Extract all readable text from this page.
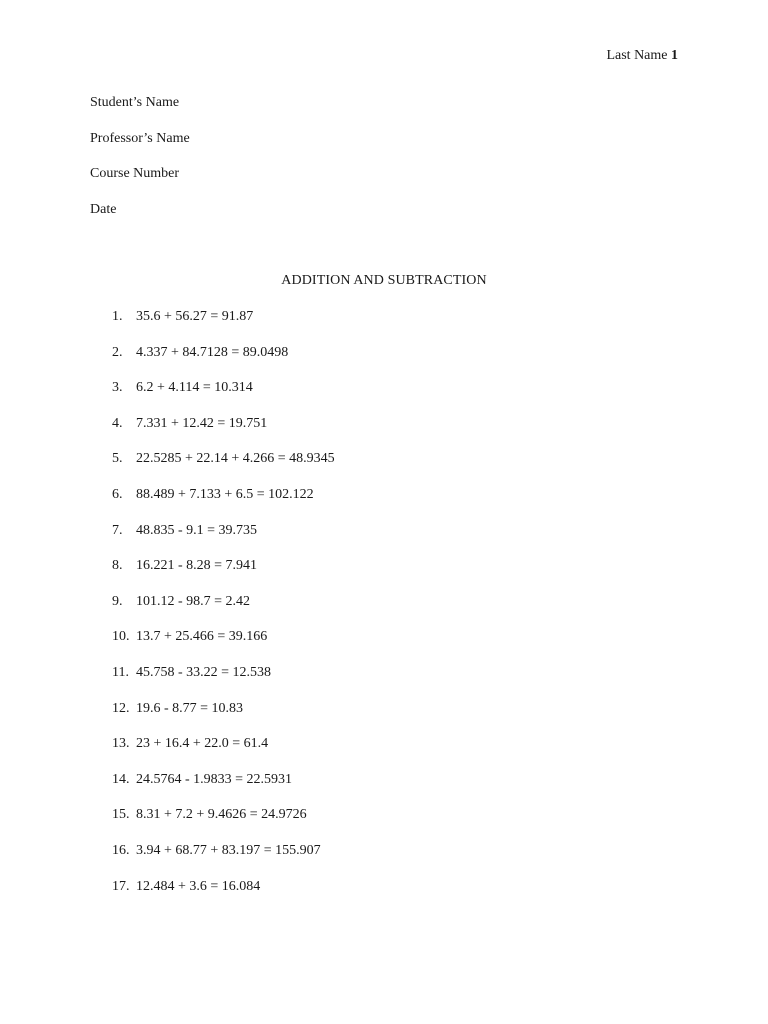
Last Name 1
Student’s Name
Professor’s Name
Course Number
Date
ADDITION AND SUBTRACTION
1. 35.6 + 56.27 = 91.87
2. 4.337 + 84.7128 = 89.0498
3. 6.2 + 4.114 = 10.314
4. 7.331 + 12.42 = 19.751
5. 22.5285 + 22.14 + 4.266 = 48.9345
6. 88.489 + 7.133 + 6.5 = 102.122
7. 48.835 - 9.1 = 39.735
8. 16.221 - 8.28 = 7.941
9. 101.12 - 98.7 = 2.42
10. 13.7 + 25.466 = 39.166
11. 45.758 - 33.22 = 12.538
12. 19.6 - 8.77 = 10.83
13. 23 + 16.4 + 22.0 = 61.4
14. 24.5764 - 1.9833 = 22.5931
15. 8.31 + 7.2 + 9.4626 = 24.9726
16. 3.94 + 68.77 + 83.197 = 155.907
17. 12.484 + 3.6 = 16.084
